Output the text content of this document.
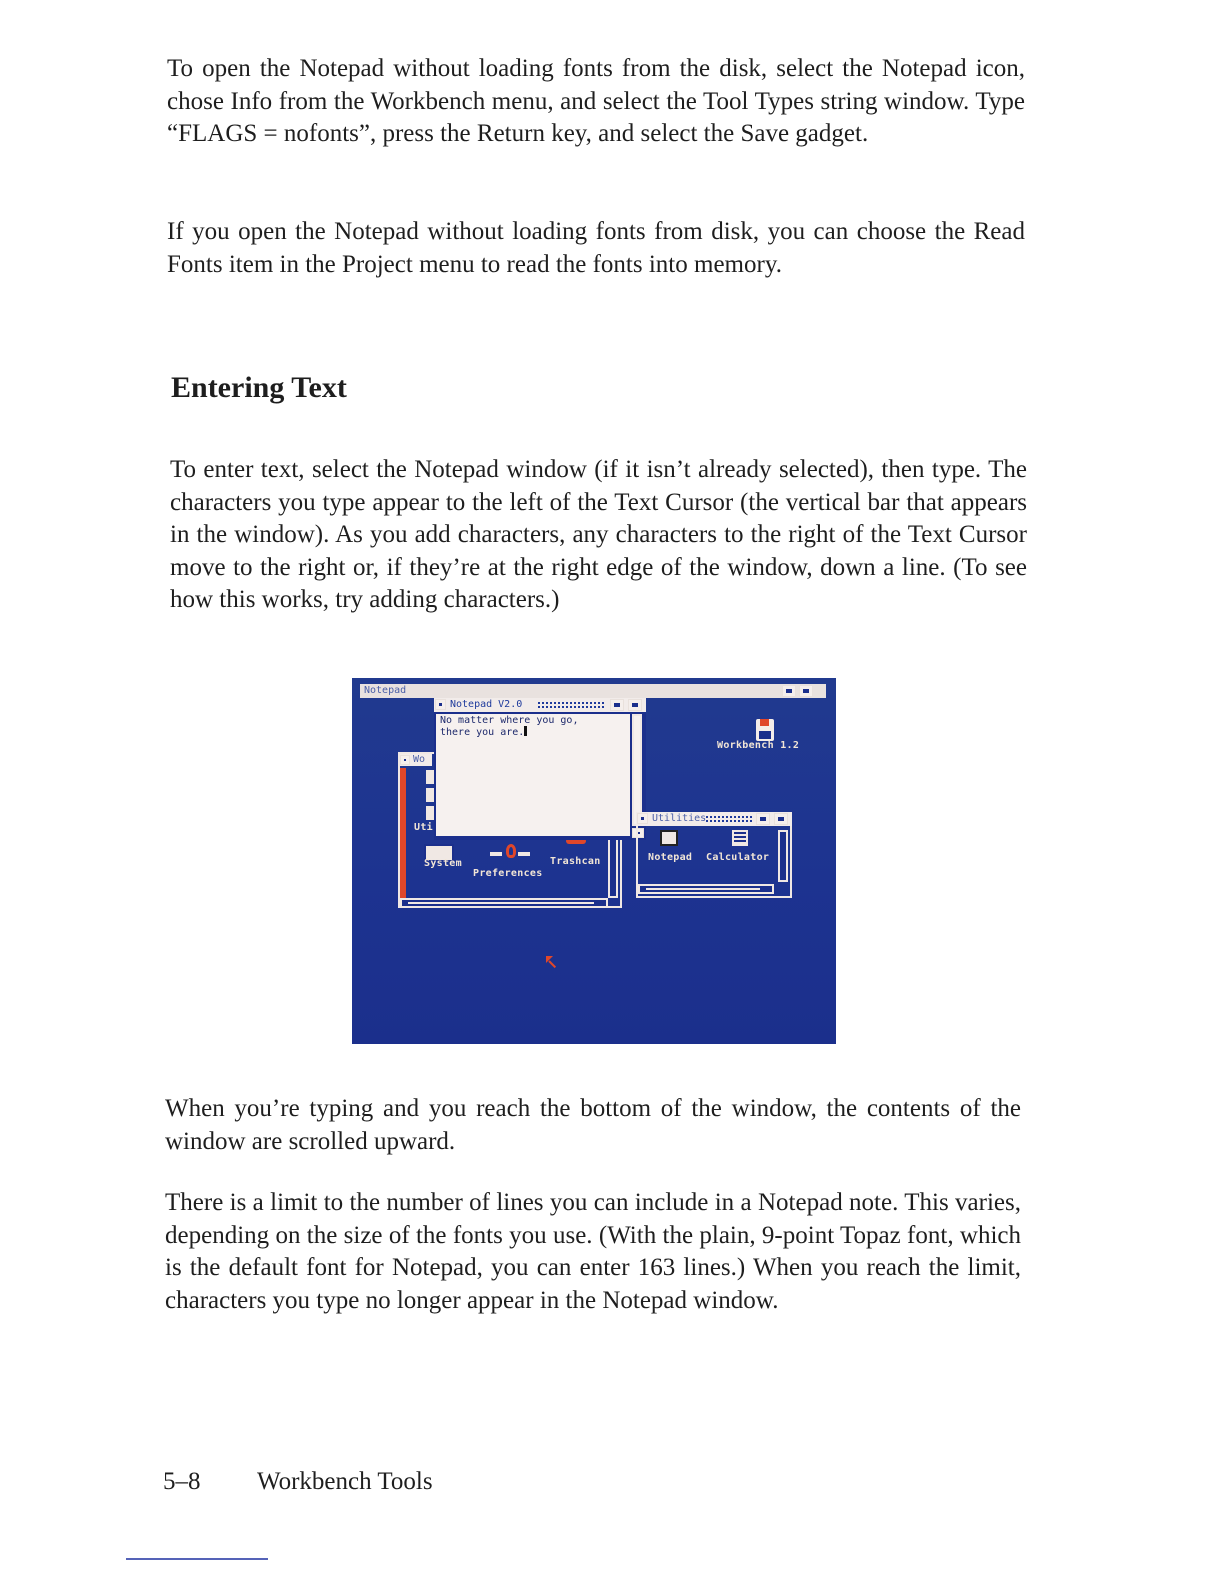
To open the Notepad without loading fonts from the disk, select the Notepad icon, chose Info from the Workbench menu, and select the Tool Types string window. Type “FLAGS = nofonts”, press the Return key, and select the Save gadget.

If you open the Notepad without loading fonts from disk, you can choose the Read Fonts item in the Project menu to read the fonts into memory.

Entering Text

To enter text, select the Notepad window (if it isn’t already selected), then type. The characters you type appear to the left of the Text Cursor (the vertical bar that appears in the window). As you add characters, any characters to the right of the Text Cursor move to the right or, if they’re at the right edge of the window, down a line. (To see how this works, try adding characters.)

Notepad
Workbench 1.2
Wo
Uti
System
Preferences
Trashcan
Notepad V2.0
No matter where you go,
there you are.
Utilities
Notepad Calculator

When you’re typing and you reach the bottom of the window, the contents of the window are scrolled upward.

There is a limit to the number of lines you can include in a Notepad note. This varies, depending on the size of the fonts you use. (With the plain, 9-point Topaz font, which is the default font for Notepad, you can enter 163 lines.) When you reach the limit, characters you type no longer appear in the Notepad window.

5–8 Workbench Tools
